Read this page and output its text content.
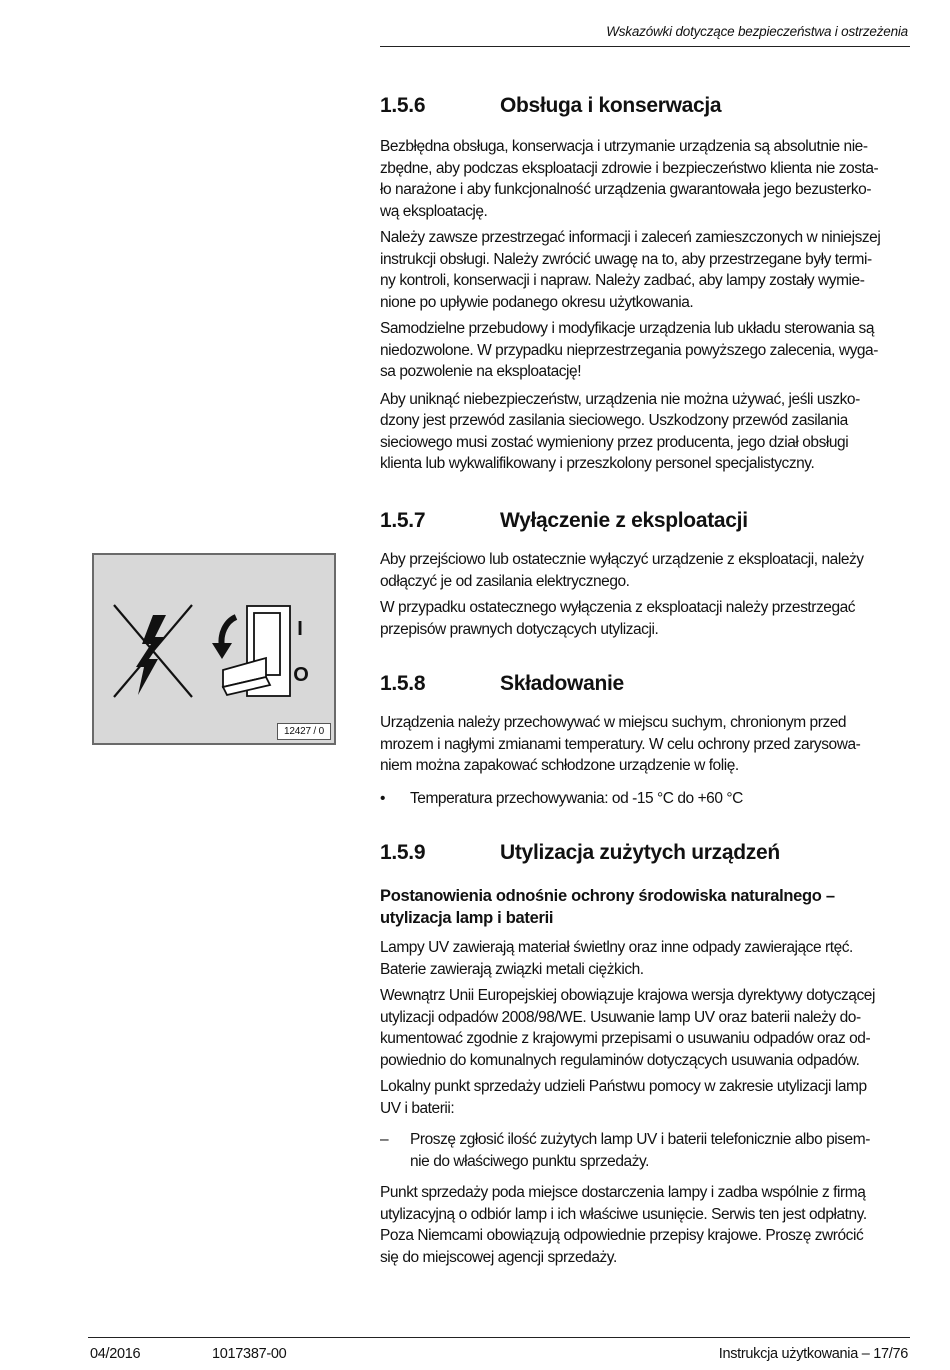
Wskazówki dotyczące bezpieczeństwa i ostrzeżenia
1.5.6	Obsługa i konserwacja

Bezbłędna obsługa, konserwacja i utrzymanie urządzenia są absolutnie nie-
zbędne, aby podczas eksploatacji zdrowie i bezpieczeństwo klienta nie zosta-
ło narażone i aby funkcjonalność urządzenia gwarantowała jego bezusterko-
wą eksploatację.

Należy zawsze przestrzegać informacji i zaleceń zamieszczonych w niniejszej
instrukcji obsługi. Należy zwrócić uwagę na to, aby przestrzegane były termi-
ny kontroli, konserwacji i napraw. Należy zadbać, aby lampy zostały wymie-
nione po upływie podanego okresu użytkowania.

Samodzielne przebudowy i modyfikacje urządzenia lub układu sterowania są
niedozwolone. W przypadku nieprzestrzegania powyższego zalecenia, wyga-
sa pozwolenie na eksploatację!

Aby uniknąć niebezpieczeństw, urządzenia nie można używać, jeśli uszko-
dzony jest przewód zasilania sieciowego. Uszkodzony przewód zasilania
sieciowego musi zostać wymieniony przez producenta, jego dział obsługi
klienta lub wykwalifikowany i przeszkolony personel specjalistyczny.

1.5.7	Wyłączenie z eksploatacji

Aby przejściowo lub ostatecznie wyłączyć urządzenie z eksploatacji, należy
odłączyć je od zasilania elektrycznego.

W przypadku ostatecznego wyłączenia z eksploatacji należy przestrzegać
przepisów prawnych dotyczących utylizacji.

I
O
12427 / 0
1.5.8	Składowanie

Urządzenia należy przechowywać w miejscu suchym, chronionym przed
mrozem i nagłymi zmianami temperatury. W celu ochrony przed zarysowa-
niem można zapakować schłodzone urządzenie w folię.

•	Temperatura przechowywania: od -15 °C do +60 °C
1.5.9	Utylizacja zużytych urządzeń
Postanowienia odnośnie ochrony środowiska naturalnego –
utylizacja lamp i baterii

Lampy UV zawierają materiał świetlny oraz inne odpady zawierające rtęć.
Baterie zawierają związki metali ciężkich.

Wewnątrz Unii Europejskiej obowiązuje krajowa wersja dyrektywy dotyczącej
utylizacji odpadów 2008/98/WE. Usuwanie lamp UV oraz baterii należy do-
kumentować zgodnie z krajowymi przepisami o usuwaniu odpadów oraz od-
powiednio do komunalnych regulaminów dotyczących usuwania odpadów.

Lokalny punkt sprzedaży udzieli Państwu pomocy w zakresie utylizacji lamp
UV i baterii:

–	Proszę zgłosić ilość zużytych lamp UV i baterii telefonicznie albo pisem-
nie do właściwego punktu sprzedaży.

Punkt sprzedaży poda miejsce dostarczenia lampy i zadba wspólnie z firmą
utylizacyjną o odbiór lamp i ich właściwe usunięcie. Serwis ten jest odpłatny.
Poza Niemcami obowiązują odpowiednie przepisy krajowe. Proszę zwrócić
się do miejscowej agencji sprzedaży.

04/2016	1017387-00	Instrukcja użytkowania – 17/76
